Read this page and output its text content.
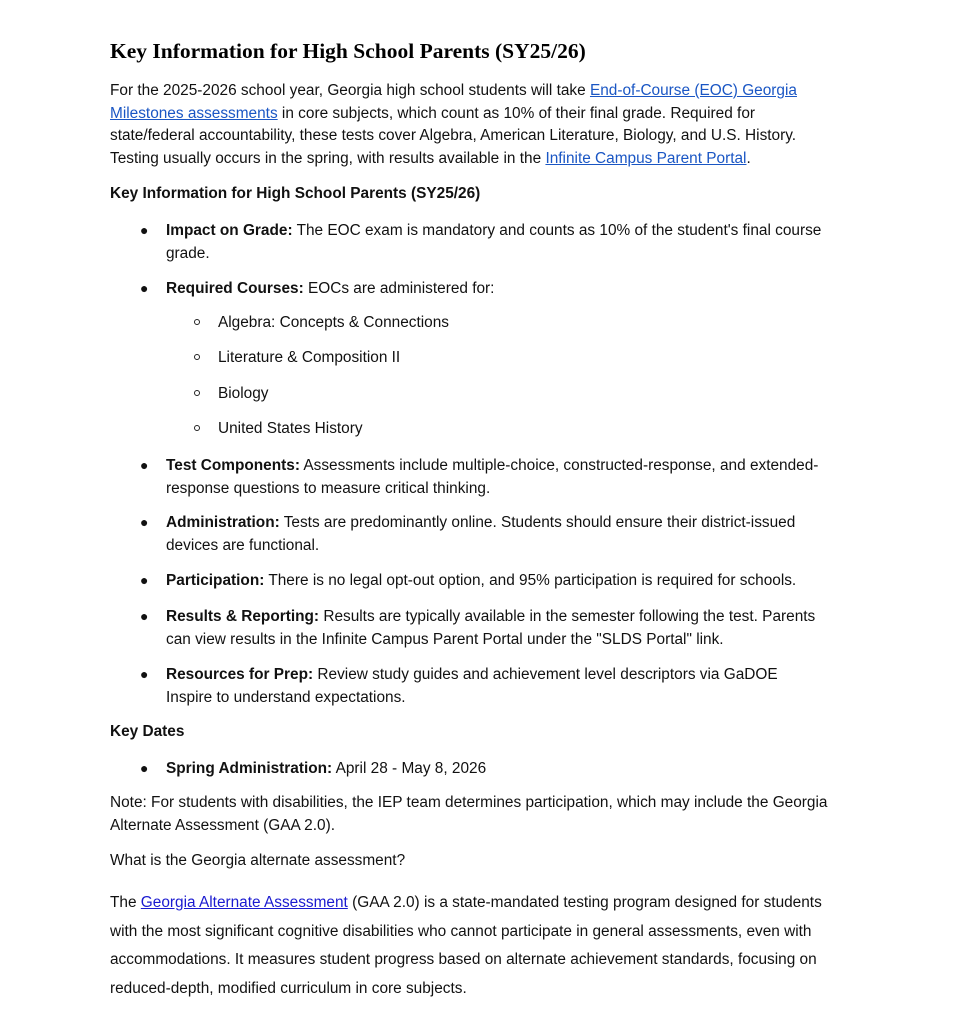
Key Information for High School Parents (SY25/26)

For the 2025-2026 school year, Georgia high school students will take End-of-Course (EOC) Georgia Milestones assessments in core subjects, which count as 10% of their final grade. Required for state/federal accountability, these tests cover Algebra, American Literature, Biology, and U.S. History. Testing usually occurs in the spring, with results available in the Infinite Campus Parent Portal.

Key Information for High School Parents (SY25/26)

● Impact on Grade: The EOC exam is mandatory and counts as 10% of the student's final course grade.
● Required Courses: EOCs are administered for:
Algebra: Concepts & Connections
Literature & Composition II
Biology
United States History
● Test Components: Assessments include multiple-choice, constructed-response, and extended-response questions to measure critical thinking.
● Administration: Tests are predominantly online. Students should ensure their district-issued devices are functional.
● Participation: There is no legal opt-out option, and 95% participation is required for schools.
● Results & Reporting: Results are typically available in the semester following the test. Parents can view results in the Infinite Campus Parent Portal under the "SLDS Portal" link.
● Resources for Prep: Review study guides and achievement level descriptors via GaDOE Inspire to understand expectations.

Key Dates

● Spring Administration: April 28 - May 8, 2026

Note: For students with disabilities, the IEP team determines participation, which may include the Georgia Alternate Assessment (GAA 2.0).

What is the Georgia alternate assessment?

The Georgia Alternate Assessment (GAA 2.0) is a state-mandated testing program designed for students with the most significant cognitive disabilities who cannot participate in general assessments, even with accommodations. It measures student progress based on alternate achievement standards, focusing on reduced-depth, modified curriculum in core subjects.
